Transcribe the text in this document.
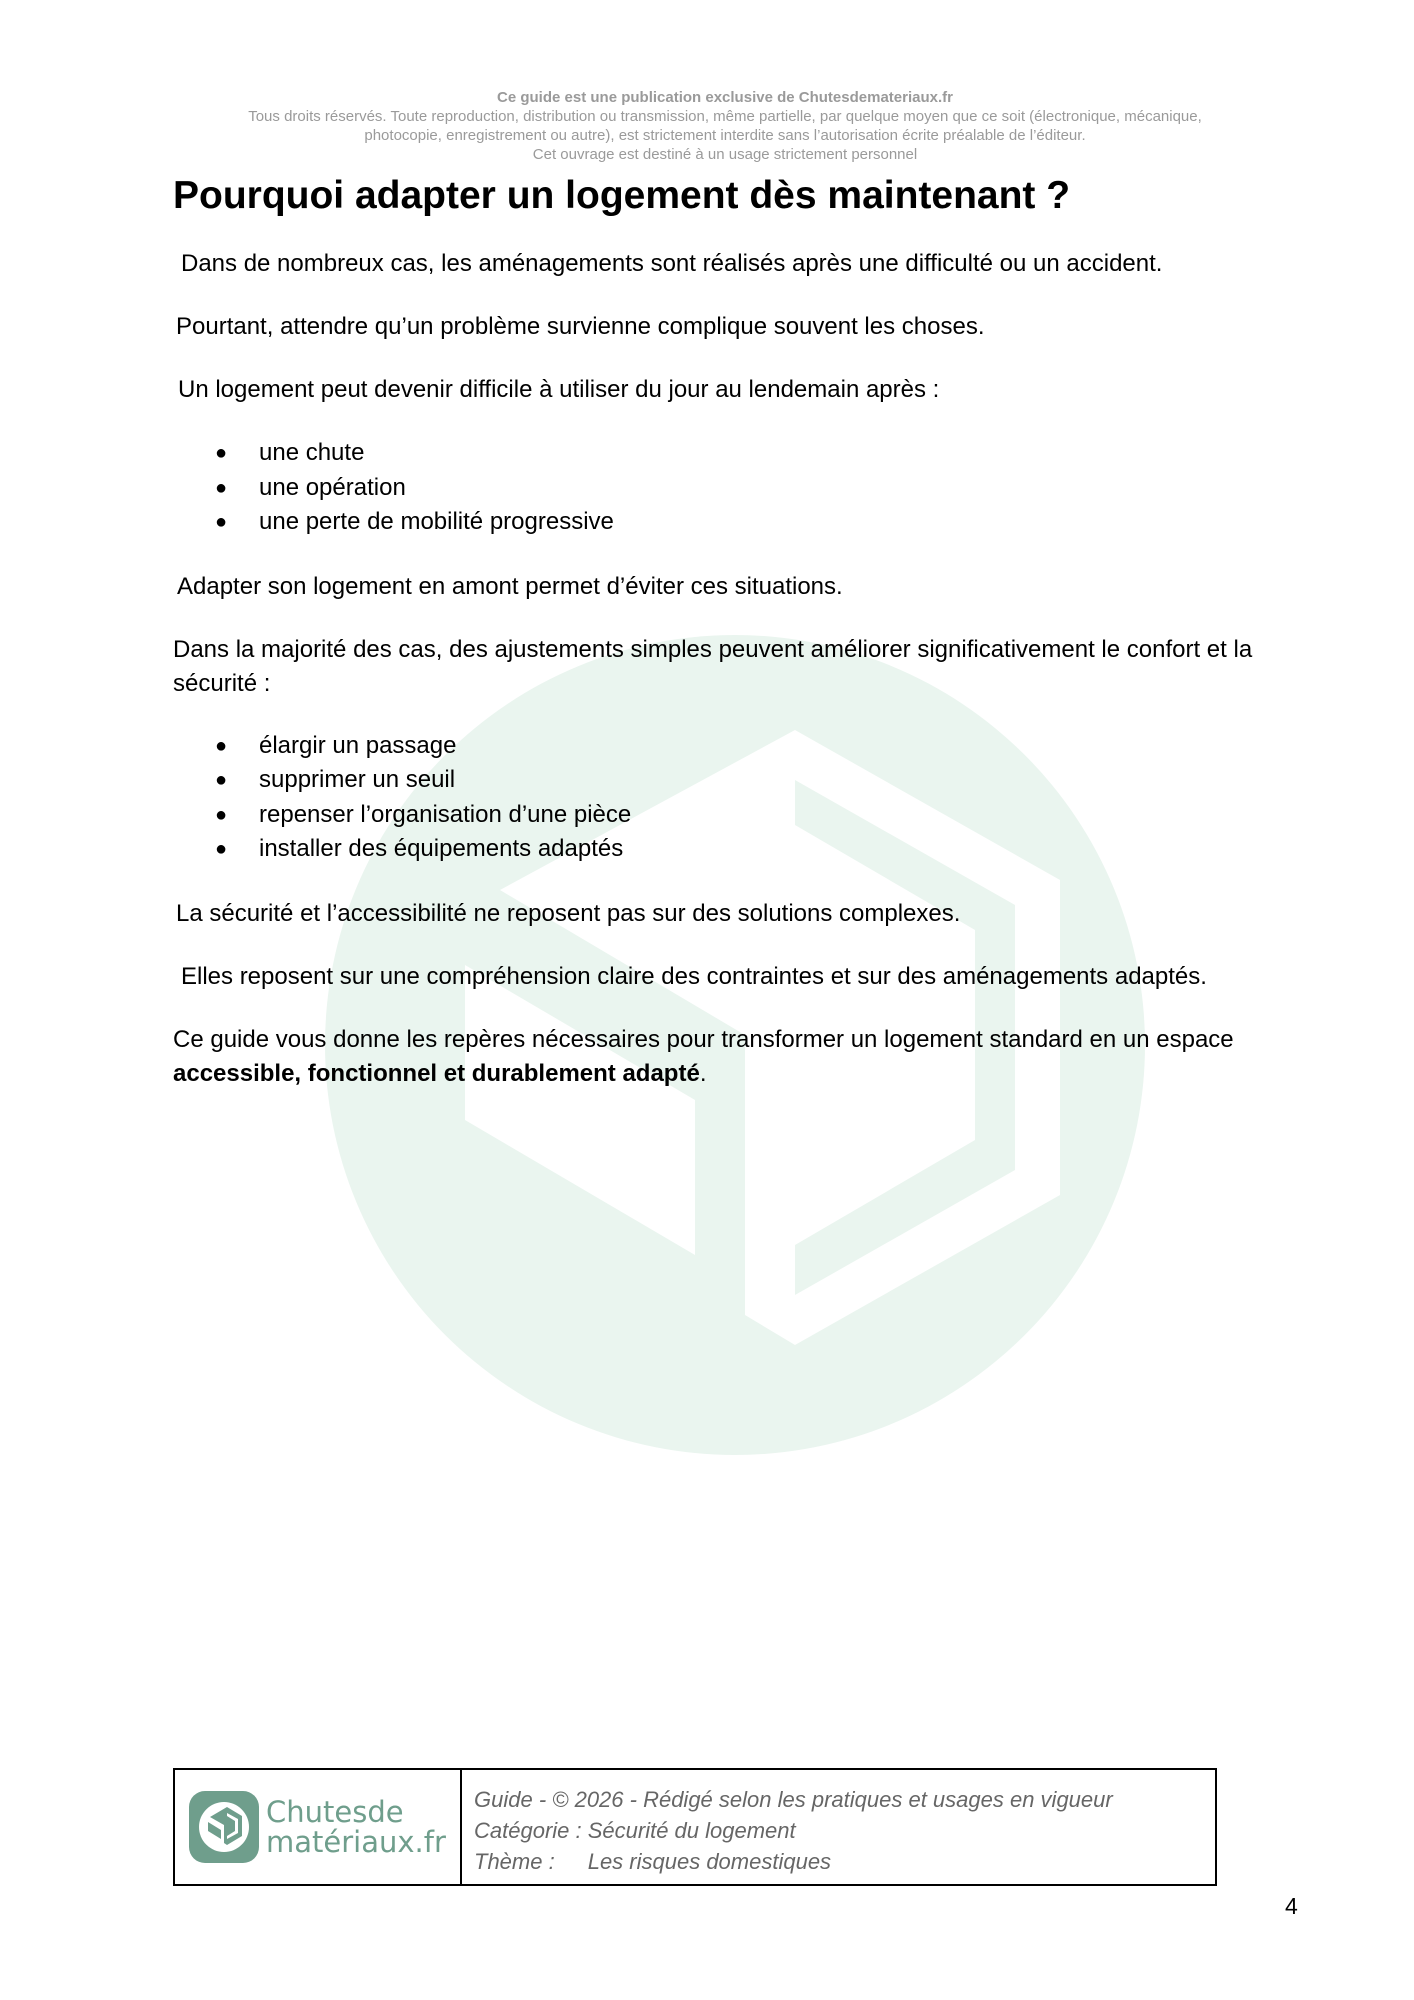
Ce guide est une publication exclusive de Chutesdemateriaux.fr
Tous droits réservés. Toute reproduction, distribution ou transmission, même partielle, par quelque moyen que ce soit (électronique, mécanique,
photocopie, enregistrement ou autre), est strictement interdite sans l’autorisation écrite préalable de l’éditeur.
Cet ouvrage est destiné à un usage strictement personnel
Pourquoi adapter un logement dès maintenant ?

Dans de nombreux cas, les aménagements sont réalisés après une difficulté ou un accident.

Pourtant, attendre qu’un problème survienne complique souvent les choses.

Un logement peut devenir difficile à utiliser du jour au lendemain après :

● une chute
● une opération
● une perte de mobilité progressive

Adapter son logement en amont permet d’éviter ces situations.

Dans la majorité des cas, des ajustements simples peuvent améliorer significativement le confort et la sécurité :

● élargir un passage
● supprimer un seuil
● repenser l’organisation d’une pièce
● installer des équipements adaptés

La sécurité et l’accessibilité ne reposent pas sur des solutions complexes.

Elles reposent sur une compréhension claire des contraintes et sur des aménagements adaptés.

Ce guide vous donne les repères nécessaires pour transformer un logement standard en un espace accessible, fonctionnel et durablement adapté.

Chutesde
matériaux.fr
Guide - © 2026 - Rédigé selon les pratiques et usages en vigueur
Catégorie : Sécurité du logement
Thème : Les risques domestiques
4
